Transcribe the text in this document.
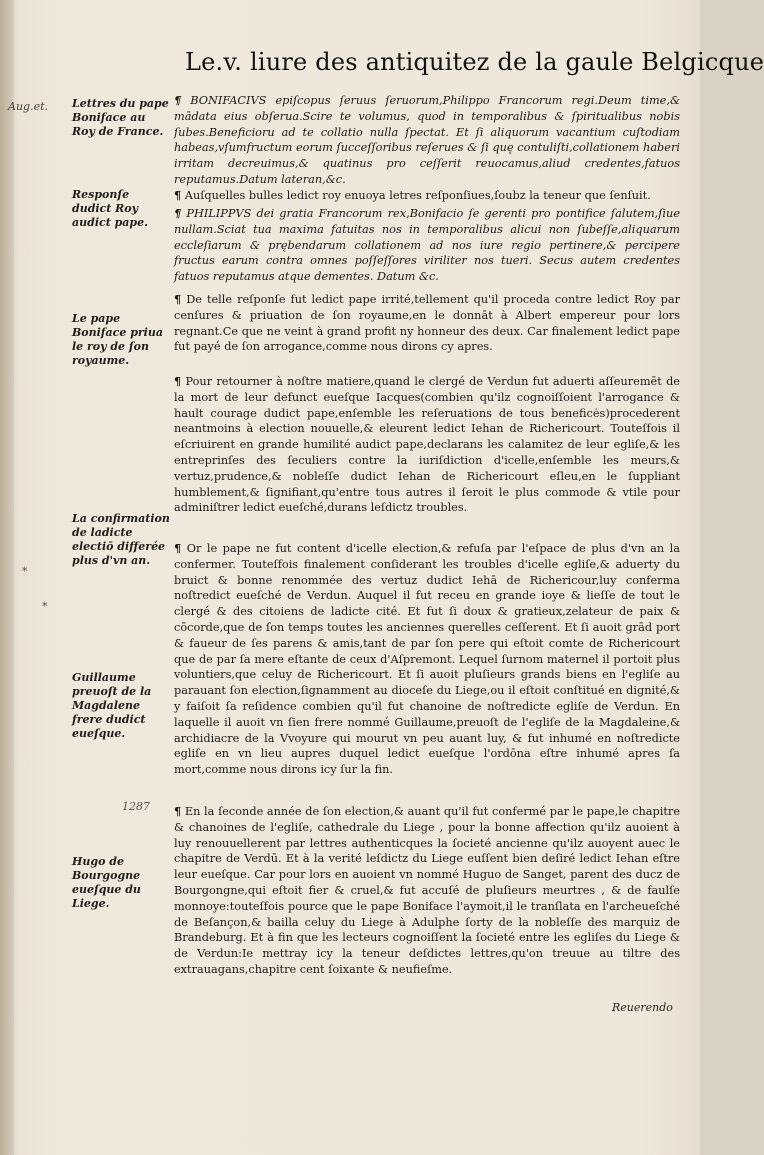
Le.v. liure des antiquitez de la gaule Belgicque
Aug.et.
1287
*
*
Lettres du pape Boniface au Roy de France.
Responſe dudict Roy audict pape.
Le pape Boniface priua le roy de ſon royaume.
La confirmation de ladicte electiō differée plus d'vn an.
Guillaume preuoſt de la Magdalene frere dudict eueſque.
Hugo de Bourgogne eueſque du Liege.
¶ BONIFACIVS epiſcopus ſeruus ſeruorum,Philippo Francorum regi.Deum time,& mādata eius obſerua.Scire te volumus, quod in temporalibus & ſpiritualibus nobis ſubes.Beneficioru ad te collatio nulla ſpectat. Et ſi aliquorum vacantium cuſtodiam habeas,vſumfructum eorum ſucceſſoribus reſerues & ſi quę contuliſti,collationem haberi irritam decreuimus,& quatinus pro ceſſerit reuocamus,aliud credentes,fatuos reputamus.Datum lateran,&c.
¶ Auſquelles bulles ledict roy enuoya letres reſponſiues,ſoubz la teneur que ſenſuit.
¶ PHILIPPVS dei gratia Francorum rex,Bonifacio ſe gerenti pro pontifice ſalutem,ſiue nullam.Sciat tua maxima fatuitas nos in temporalibus alicui non ſubeſſe,aliquarum eccleſiarum & prębendarum collationem ad nos iure regio pertinere,& percipere fructus earum contra omnes poſſeſſores viriliter nos tueri. Secus autem credentes fatuos reputamus atque dementes. Datum &c.
¶ De telle reſponſe fut ledict pape irrité,tellement qu'il proceda contre ledict Roy par cenſures & priuation de ſon royaume,en le donnāt à Albert empereur pour lors regnant.Ce que ne veint à grand profit ny honneur des deux. Car finalement ledict pape fut payé de ſon arrogance,comme nous dirons cy apres.
¶ Pour retourner à noſtre matiere,quand le clergé de Verdun fut aduerti aſſeuremēt de la mort de leur defunct eueſque Iacques(combien qu'ilz cognoiſſoient l'arrogance & hault courage dudict pape,enſemble les reſeruations de tous beneficės)procederent neantmoins à election nouuelle,& eleurent ledict Iehan de Richericourt. Touteſfois il eſcriuirent en grande humilité audict pape,declarans les calamitez de leur egliſe,& les entreprinſes des ſeculiers contre la iuriſdiction d'icelle,enſemble les meurs,& vertuz,prudence,& nobleſſe dudict Iehan de Richericourt eſleu,en le ſuppliant humblement,& ſignifiant,qu'entre tous autres il ſeroit le plus commode & vtile pour adminiſtrer ledict eueſché,durans leſdictz troubles.
¶ Or le pape ne fut content d'icelle election,& refuſa par l'eſpace de plus d'vn an la confermer. Touteſfois finalement conſiderant les troubles d'icelle egliſe,& aduerty du bruict & bonne renommée des vertuz dudict Iehā de Richericour,luy conferma noſtredict eueſché de Verdun. Auquel il fut receu en grande ioye & lieſſe de tout le clergé & des citoiens de ladicte cité. Et fut ſi doux & gratieux,zelateur de paix & cōcorde,que de ſon temps toutes les anciennes querelles ceſſerent. Et ſi auoit grād port & faueur de ſes parens & amis,tant de par ſon pere qui eſtoit comte de Richericourt que de par ſa mere eſtante de ceux d'Aſpremont. Lequel ſurnom maternel il portoit plus voluntiers,que celuy de Richericourt. Et ſi auoit pluſieurs grands biens en l'egliſe au parauant ſon election,ſignamment au dioceſe du Liege,ou il eſtoit conſtitué en dignité,& y faiſoit ſa reſidence combien qu'il fut chanoine de noſtredicte egliſe de Verdun. En laquelle il auoit vn ſien frere nommé Guillaume,preuoſt de l'egliſe de la Magdaleine,& archidiacre de la Vvoyure qui mourut vn peu auant luy, & fut inhumé en noſtredicte egliſe en vn lieu aupres duquel ledict eueſque l'ordōna eſtre inhumé apres ſa mort,comme nous dirons icy ſur la fin.
¶ En la ſeconde année de ſon election,& auant qu'il fut confermé par le pape,le chapitre & chanoines de l'egliſe, cathedrale du Liege , pour la bonne affection qu'ilz auoient à luy renouuellerent par lettres authenticques la ſocieté ancienne qu'ilz auoyent auec le chapitre de Verdū. Et à la verité leſdictz du Liege euſſent bien deſiré ledict Iehan eſtre leur eueſque. Car pour lors en auoient vn nommé Huguo de Sanget, parent des ducz de Bourgongne,qui eſtoit fier & cruel,& fut accuſé de pluſieurs meurtres , & de faulſe monnoye:touteſfois pource que le pape Boniface l'aymoit,il le tranſlata en l'archeueſché de Beſançon,& bailla celuy du Liege à Adulphe ſorty de la nobleſſe des marquiz de Brandeburg. Et à fin que les lecteurs cognoiſſent la ſocieté entre les egliſes du Liege & de Verdun:Ie mettray icy la teneur deſdictes lettres,qu'on treuue au tiltre des extrauagans,chapitre cent ſoixante & neufieſme.
Reuerendo
